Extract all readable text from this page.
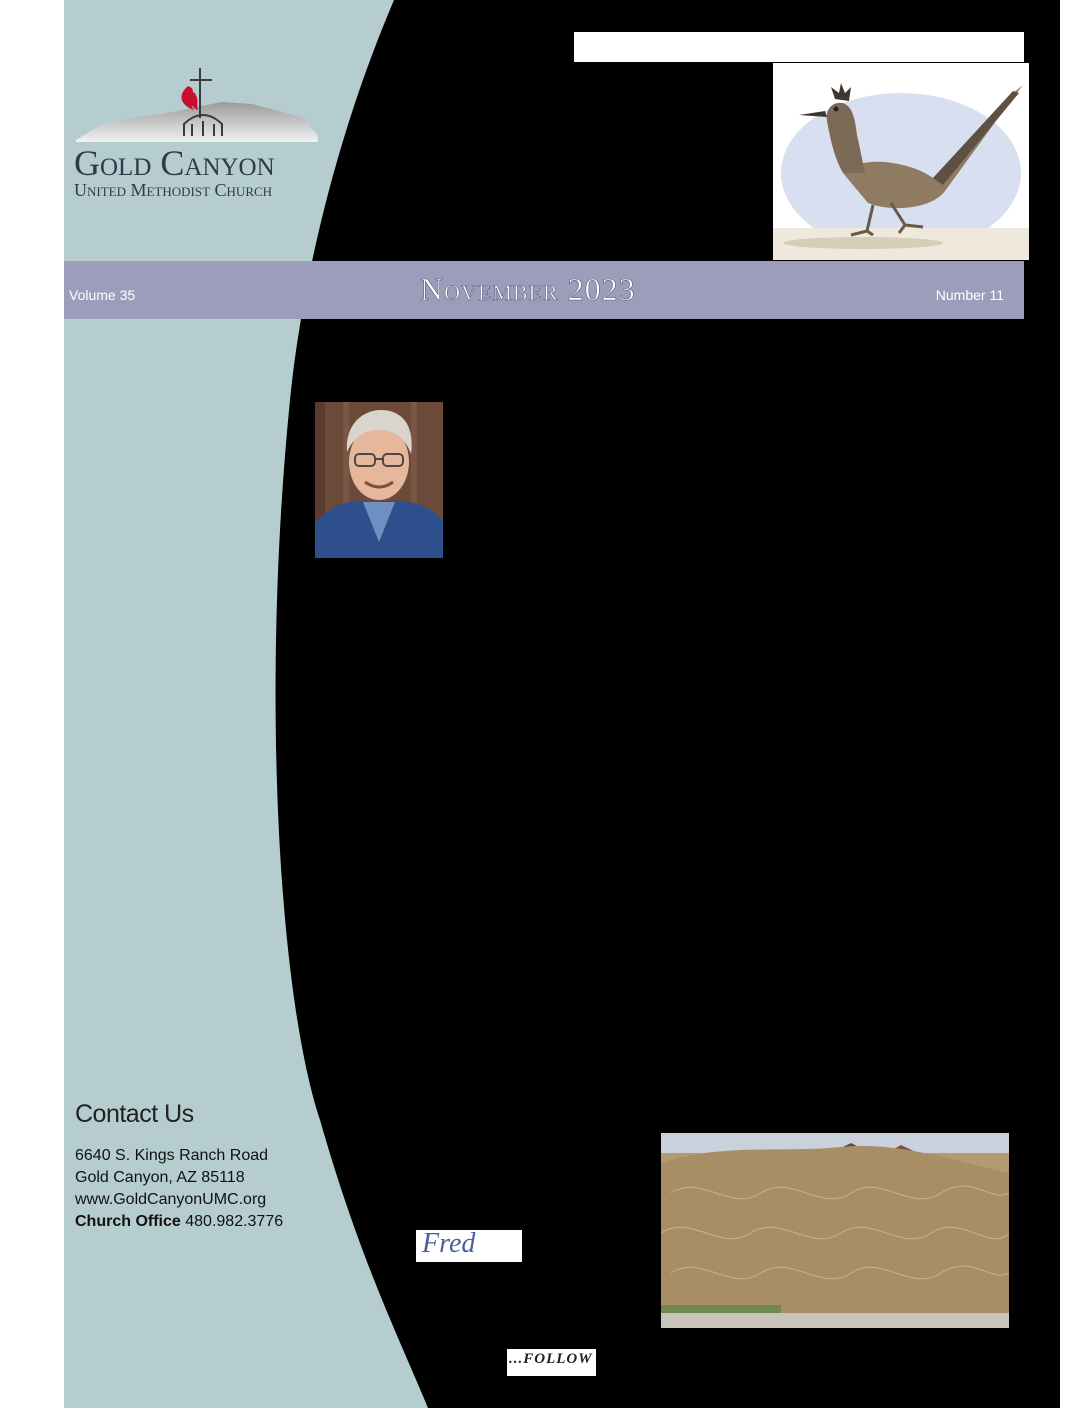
Gold Canyon
United Methodist Church
Volume 35	November 2023	Number 11
Contact Us
6640 S. Kings Ranch Road
Gold Canyon, AZ 85118
www.GoldCanyonUMC.org
Church Office 480.982.3776
Fred
...FOLLOW
